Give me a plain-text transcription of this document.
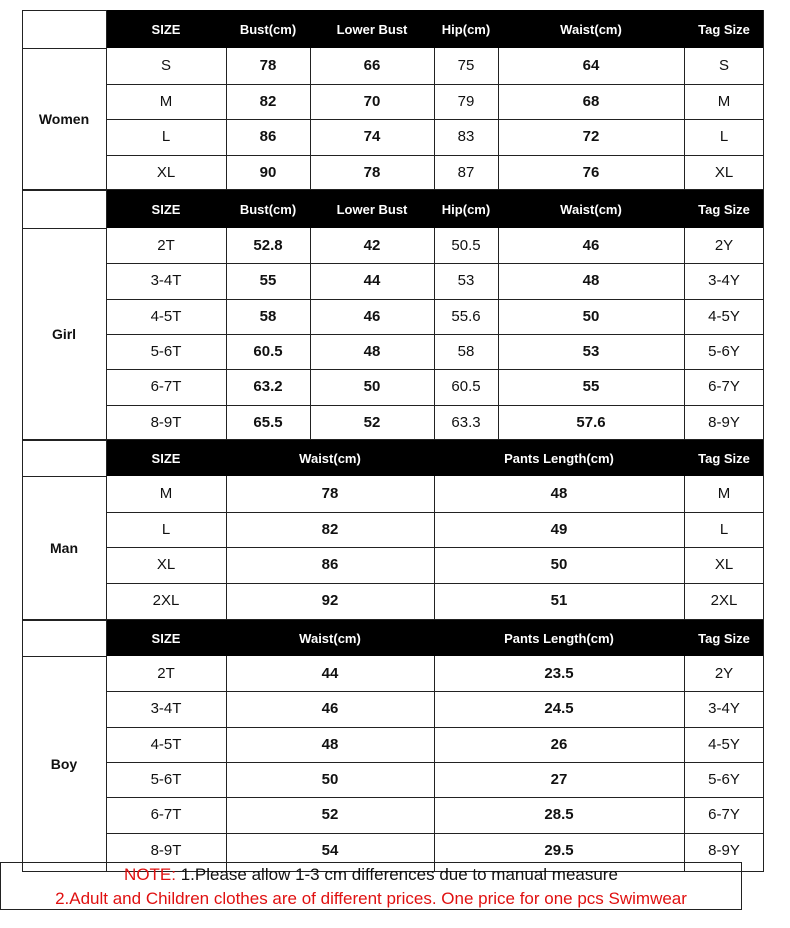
SIZE	Bust(cm)	Lower Bust	Hip(cm)	Waist(cm)	Tag Size
Women
S	78	66	75	64	S
M	82	70	79	68	M
L	86	74	83	72	L
XL	90	78	87	76	XL
SIZE	Bust(cm)	Lower Bust	Hip(cm)	Waist(cm)	Tag Size
Girl
2T	52.8	42	50.5	46	2Y
3-4T	55	44	53	48	3-4Y
4-5T	58	46	55.6	50	4-5Y
5-6T	60.5	48	58	53	5-6Y
6-7T	63.2	50	60.5	55	6-7Y
8-9T	65.5	52	63.3	57.6	8-9Y
SIZE	Waist(cm)	Pants Length(cm)	Tag Size
Man
M	78	48	M
L	82	49	L
XL	86	50	XL
2XL	92	51	2XL
SIZE	Waist(cm)	Pants Length(cm)	Tag Size
Boy
2T	44	23.5	2Y
3-4T	46	24.5	3-4Y
4-5T	48	26	4-5Y
5-6T	50	27	5-6Y
6-7T	52	28.5	6-7Y
8-9T	54	29.5	8-9Y
NOTE: 1.Please allow 1-3 cm differences due to manual measure
2.Adult and Children clothes are of different prices. One price for one pcs Swimwear
